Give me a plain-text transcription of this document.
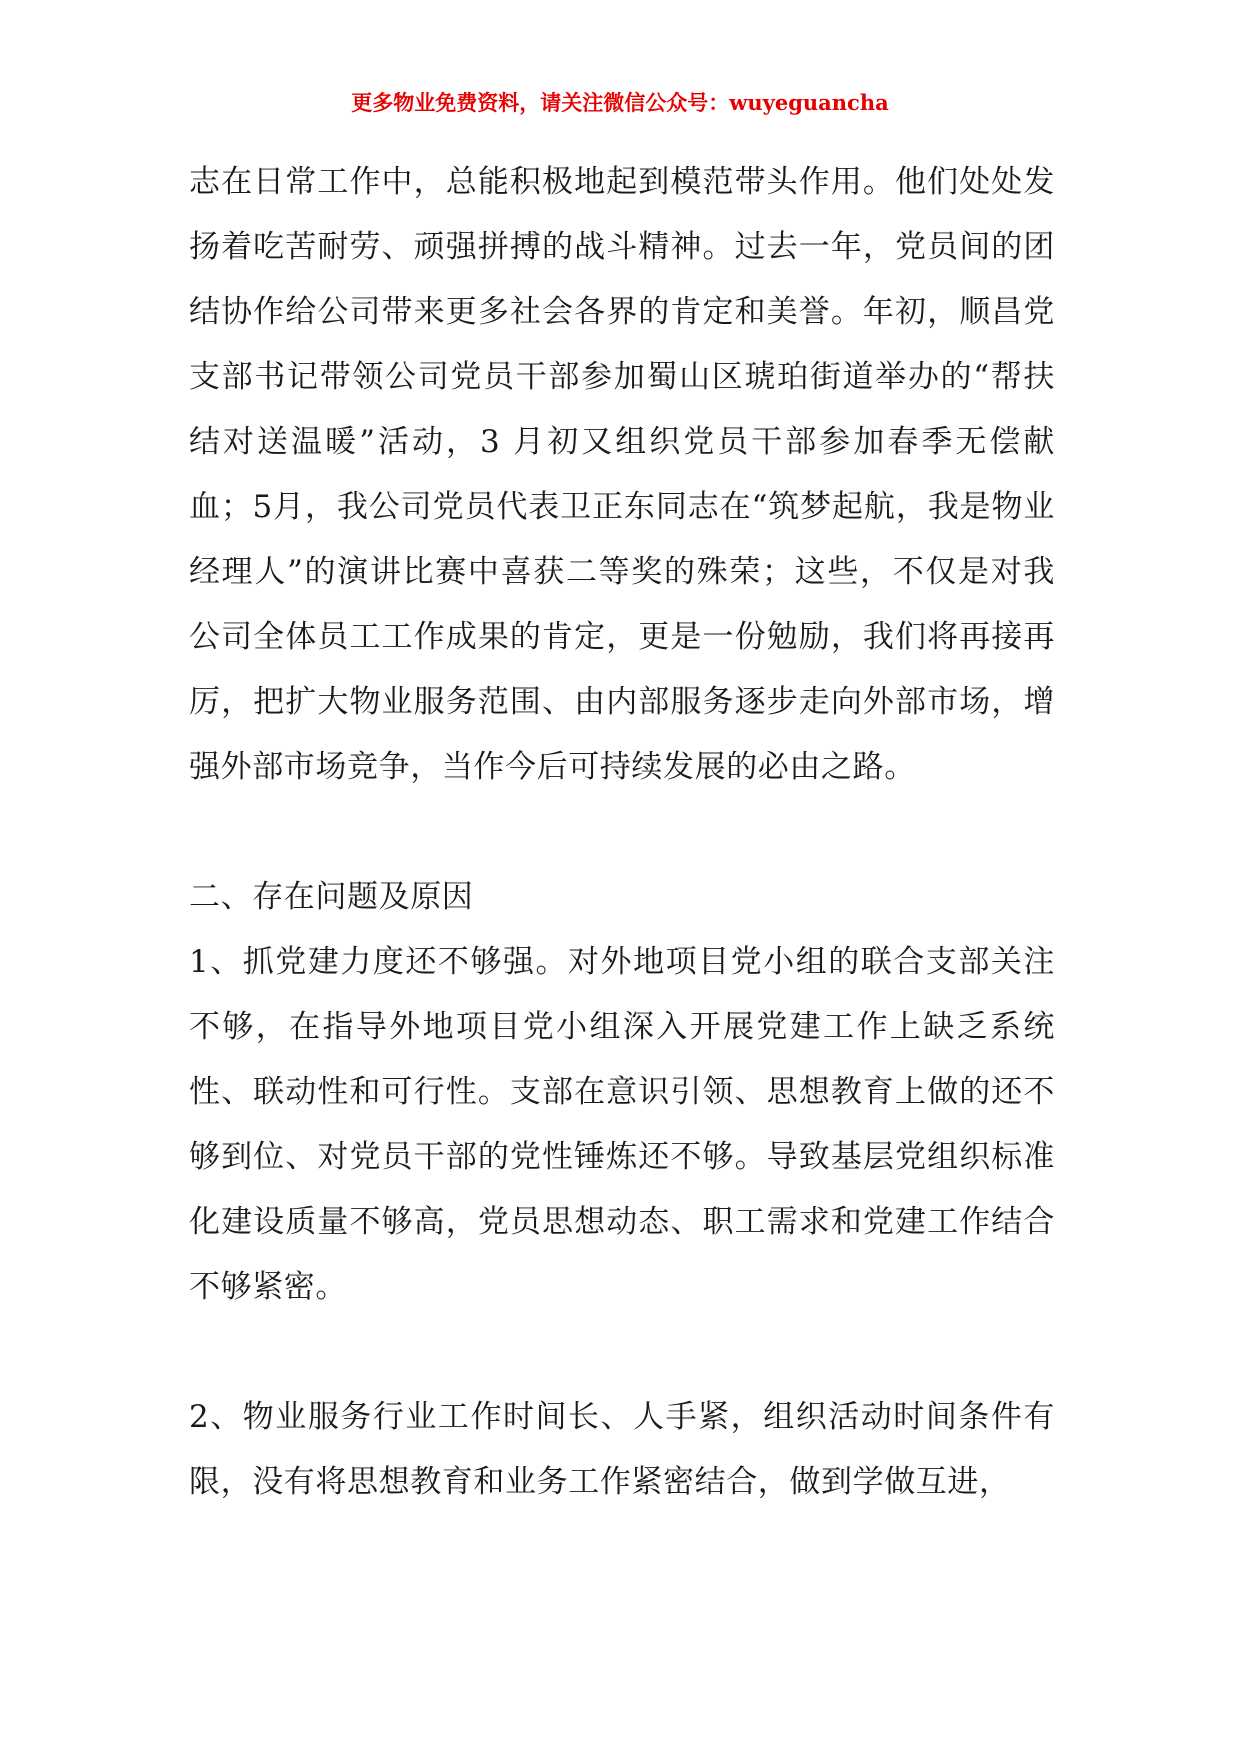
更多物业免费资料，请关注微信公众号：wuyeguancha

志在日常工作中，总能积极地起到模范带头作用。他们处处发扬着吃苦耐劳、顽强拼搏的战斗精神。过去一年，党员间的团结协作给公司带来更多社会各界的肯定和美誉。年初，顺昌党支部书记带领公司党员干部参加蜀山区琥珀街道举办的“帮扶结对送温暖”活动，3 月初又组织党员干部参加春季无偿献血；5月，我公司党员代表卫正东同志在“筑梦起航，我是物业经理人”的演讲比赛中喜获二等奖的殊荣；这些，不仅是对我公司全体员工工作成果的肯定，更是一份勉励，我们将再接再厉，把扩大物业服务范围、由内部服务逐步走向外部市场，增强外部市场竞争，当作今后可持续发展的必由之路。

二、存在问题及原因

1、抓党建力度还不够强。对外地项目党小组的联合支部关注不够，在指导外地项目党小组深入开展党建工作上缺乏系统性、联动性和可行性。支部在意识引领、思想教育上做的还不够到位、对党员干部的党性锤炼还不够。导致基层党组织标准化建设质量不够高，党员思想动态、职工需求和党建工作结合不够紧密。

2、物业服务行业工作时间长、人手紧，组织活动时间条件有限，没有将思想教育和业务工作紧密结合，做到学做互进，
